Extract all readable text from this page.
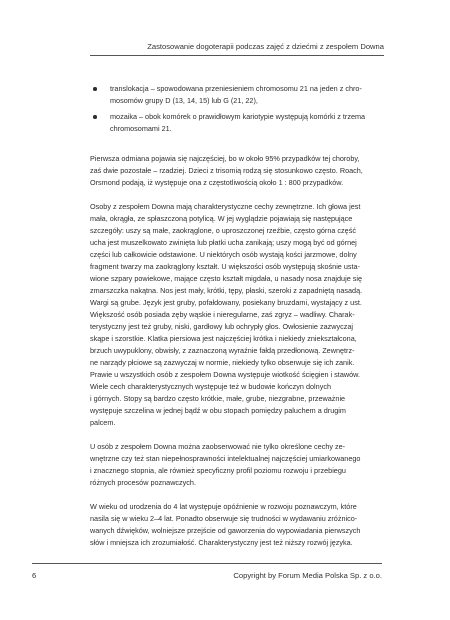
Zastosowanie dogoterapii podczas zajęć z dziećmi z zespołem Downa
translokacja – spowodowana przeniesieniem chromosomu 21 na jeden z chro-
mosomów grupy D (13, 14, 15) lub G (21, 22),
mozaika – obok komórek o prawidłowym kariotypie występują komórki z trzema
chromosomami 21.

Pierwsza odmiana pojawia się najczęściej, bo w około 95% przypadków tej choroby,
zaś dwie pozostałe – rzadziej. Dzieci z trisomią rodzą się stosunkowo często. Roach,
Orsmond podają, iż występuje ona z częstotliwością około 1 : 800 przypadków.

Osoby z zespołem Downa mają charakterystyczne cechy zewnętrzne. Ich głowa jest
mała, okrągła, ze spłaszczoną potylicą. W jej wyglądzie pojawiają się następujące
szczegóły: uszy są małe, zaokrąglone, o uproszczonej rzeźbie, często górna część
ucha jest muszelkowato zwinięta lub płatki ucha zanikają; uszy mogą być od górnej
części lub całkowicie odstawione. U niektórych osób wystają kości jarzmowe, dolny
fragment twarzy ma zaokrąglony kształt. U większości osób występują skośnie usta-
wione szpary powiekowe, mające często kształt migdała, u nasady nosa znajduje się
zmarszczka nakątna. Nos jest mały, krótki, tępy, płaski, szeroki z zapadniętą nasadą.
Wargi są grube. Język jest gruby, pofałdowany, posiekany bruzdami, wystający z ust.
Większość osób posiada zęby wąskie i nieregularne, zaś zgryz – wadliwy. Charak-
terystyczny jest też gruby, niski, gardłowy lub ochrypły głos. Owłosienie zazwyczaj
skąpe i szorstkie. Klatka piersiowa jest najczęściej krótka i niekiedy zniekształcona,
brzuch uwypuklony, obwisły, z zaznaczoną wyraźnie fałdą przedłonową. Zewnętrz-
ne narządy płciowe są zazwyczaj w normie, niekiedy tylko obserwuje się ich zanik.
Prawie u wszystkich osób z zespołem Downa występuje wiotkość ścięgien i stawów.
Wiele cech charakterystycznych występuje też w budowie kończyn dolnych
i górnych. Stopy są bardzo często krótkie, małe, grube, niezgrabne, przeważnie
występuje szczelina w jednej bądź w obu stopach pomiędzy paluchem a drugim
palcem.

U osób z zespołem Downa można zaobserwować nie tylko określone cechy ze-
wnętrzne czy też stan niepełnosprawności intelektualnej najczęściej umiarkowanego
i znacznego stopnia, ale również specyficzny profil poziomu rozwoju i przebiegu
różnych procesów poznawczych.

W wieku od urodzenia do 4 lat występuje opóźnienie w rozwoju poznawczym, które
nasila się w wieku 2–4 lat. Ponadto obserwuje się trudności w wydawaniu zróżnico-
wanych dźwięków, wolniejsze przejście od gaworzenia do wypowiadania pierwszych
słów i mniejsza ich zrozumiałość. Charakterystyczny jest też niższy rozwój języka.

6	Copyright by Forum Media Polska Sp. z o.o.
